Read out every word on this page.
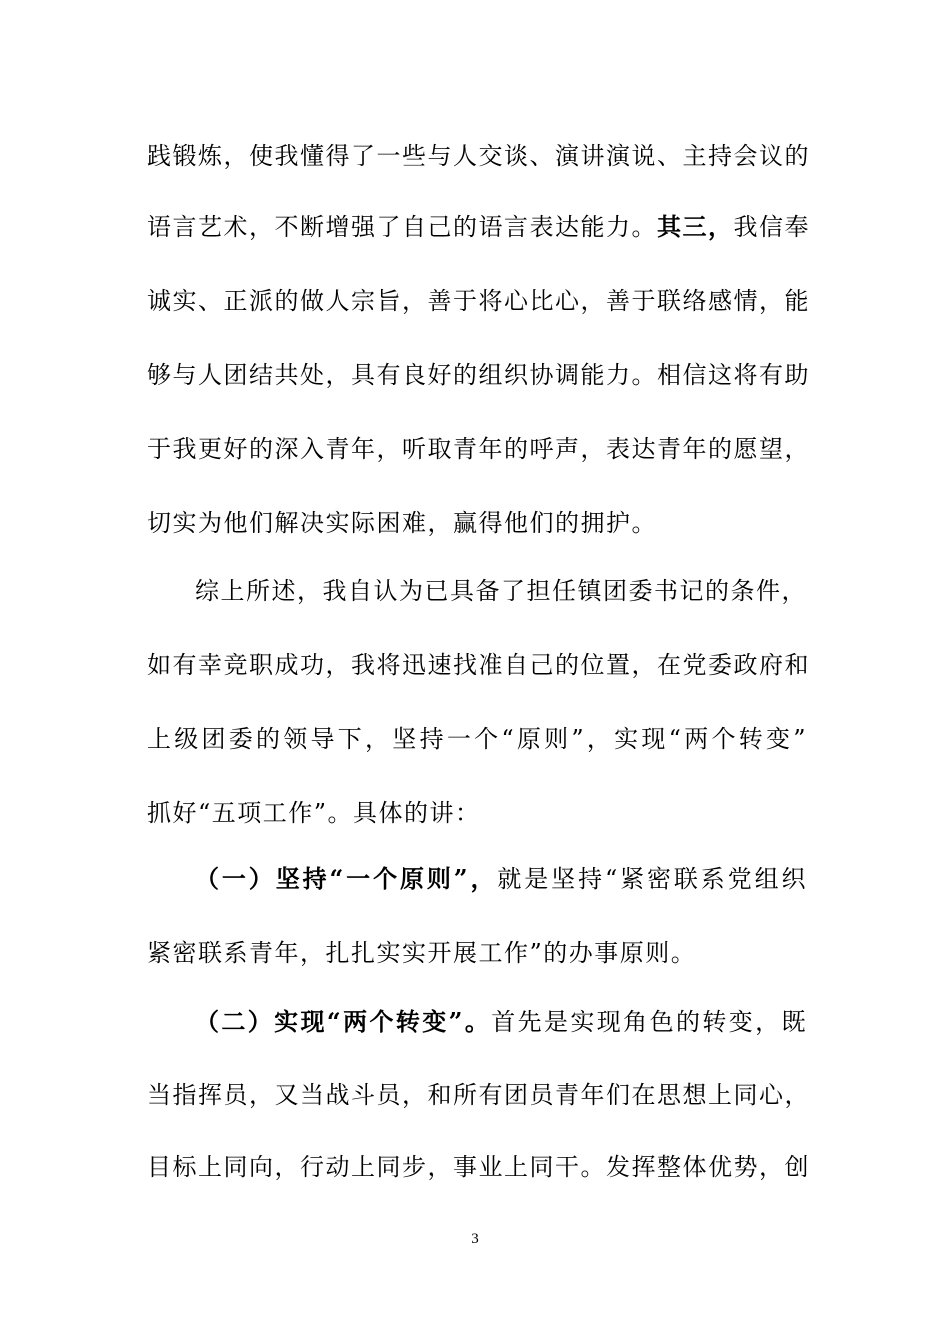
践锻炼，使我懂得了一些与人交谈、演讲演说、主持会议的
语言艺术，不断增强了自己的语言表达能力。其三，我信奉
诚实、正派的做人宗旨，善于将心比心，善于联络感情，能
够与人团结共处，具有良好的组织协调能力。相信这将有助
于我更好的深入青年，听取青年的呼声，表达青年的愿望，
切实为他们解决实际困难，赢得他们的拥护。
综上所述，我自认为已具备了担任镇团委书记的条件，
如有幸竞职成功，我将迅速找准自己的位置，在党委政府和
上级团委的领导下，坚持一个“原则”，实现“两个转变”
抓好“五项工作”。具体的讲：
（一）坚持“一个原则”，就是坚持“紧密联系党组织
紧密联系青年，扎扎实实开展工作”的办事原则。
（二）实现“两个转变”。首先是实现角色的转变，既
当指挥员，又当战斗员，和所有团员青年们在思想上同心，
目标上同向，行动上同步，事业上同干。发挥整体优势，创
3
